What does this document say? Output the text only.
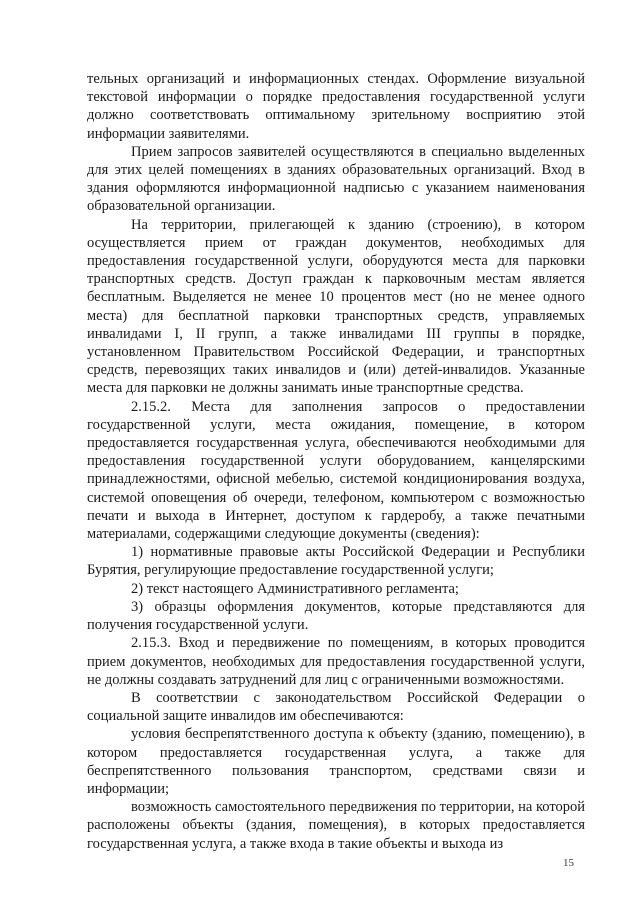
тельных организаций и информационных стендах. Оформление визуальной текстовой информации о порядке предоставления государственной услуги должно соответствовать оптимальному зрительному восприятию этой информации заявителями.

Прием запросов заявителей осуществляются в специально выделенных для этих целей помещениях в зданиях образовательных организаций. Вход в здания оформляются информационной надписью с указанием наименования образовательной организации.

На территории, прилегающей к зданию (строению), в котором осуществляется прием от граждан документов, необходимых для предоставления государственной услуги, оборудуются места для парковки транспортных средств. Доступ граждан к парковочным местам является бесплатным. Выделяется не менее 10 процентов мест (но не менее одного места) для бесплатной парковки транспортных средств, управляемых инвалидами I, II групп, а также инвалидами III группы в порядке, установленном Правительством Российской Федерации, и транспортных средств, перевозящих таких инвалидов и (или) детей-инвалидов. Указанные места для парковки не должны занимать иные транспортные средства.

2.15.2. Места для заполнения запросов о предоставлении государственной услуги, места ожидания, помещение, в котором предоставляется государственная услуга, обеспечиваются необходимыми для предоставления государственной услуги оборудованием, канцелярскими принадлежностями, офисной мебелью, системой кондиционирования воздуха, системой оповещения об очереди, телефоном, компьютером с возможностью печати и выхода в Интернет, доступом к гардеробу, а также печатными материалами, содержащими следующие документы (сведения):

1) нормативные правовые акты Российской Федерации и Республики Бурятия, регулирующие предоставление государственной услуги;

2) текст настоящего Административного регламента;

3) образцы оформления документов, которые представляются для получения государственной услуги.

2.15.3. Вход и передвижение по помещениям, в которых проводится прием документов, необходимых для предоставления государственной услуги, не должны создавать затруднений для лиц с ограниченными возможностями.

В соответствии с законодательством Российской Федерации о социальной защите инвалидов им обеспечиваются:

условия беспрепятственного доступа к объекту (зданию, помещению), в котором предоставляется государственная услуга, а также для беспрепятственного пользования транспортом, средствами связи и информации;

возможность самостоятельного передвижения по территории, на которой расположены объекты (здания, помещения), в которых предоставляется государственная услуга, а также входа в такие объекты и выхода из

15
